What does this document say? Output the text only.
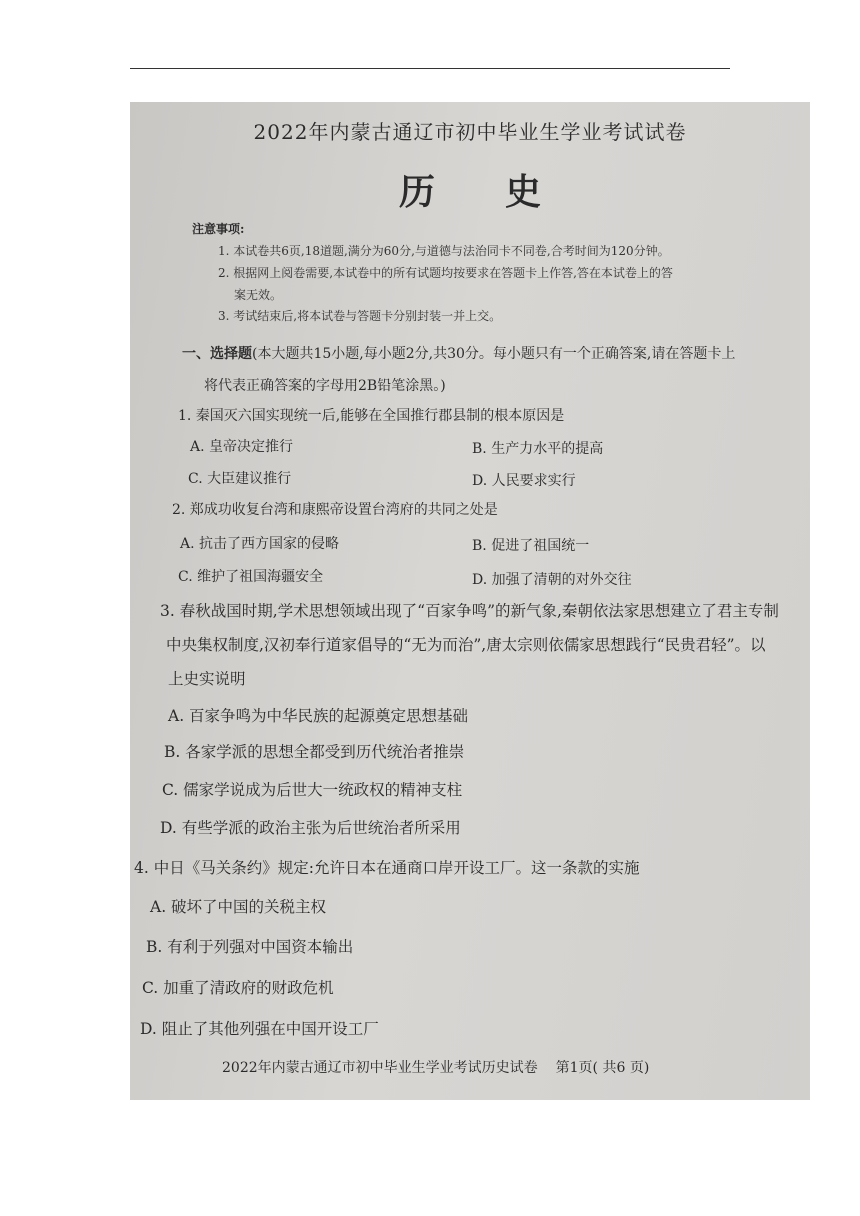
2022年内蒙古通辽市初中毕业生学业考试试卷
历史
注意事项:
1. 本试卷共6页,18道题,满分为60分,与道德与法治同卡不同卷,合考时间为120分钟。
2. 根据网上阅卷需要,本试卷中的所有试题均按要求在答题卡上作答,答在本试卷上的答
案无效。
3. 考试结束后,将本试卷与答题卡分别封装一并上交。
一、选择题(本大题共15小题,每小题2分,共30分。每小题只有一个正确答案,请在答题卡上
将代表正确答案的字母用2B铅笔涂黑。)
1. 秦国灭六国实现统一后,能够在全国推行郡县制的根本原因是
A. 皇帝决定推行	B. 生产力水平的提高
C. 大臣建议推行	D. 人民要求实行
2. 郑成功收复台湾和康熙帝设置台湾府的共同之处是
A. 抗击了西方国家的侵略	B. 促进了祖国统一
C. 维护了祖国海疆安全	D. 加强了清朝的对外交往
3. 春秋战国时期,学术思想领域出现了“百家争鸣”的新气象,秦朝依法家思想建立了君主专制
中央集权制度,汉初奉行道家倡导的“无为而治”,唐太宗则依儒家思想践行“民贵君轻”。以
上史实说明
A. 百家争鸣为中华民族的起源奠定思想基础
B. 各家学派的思想全都受到历代统治者推崇
C. 儒家学说成为后世大一统政权的精神支柱
D. 有些学派的政治主张为后世统治者所采用
4. 中日《马关条约》规定:允许日本在通商口岸开设工厂。这一条款的实施
A. 破坏了中国的关税主权
B. 有利于列强对中国资本输出
C. 加重了清政府的财政危机
D. 阻止了其他列强在中国开设工厂
2022年内蒙古通辽市初中毕业生学业考试历史试卷 第1页( 共6 页)
